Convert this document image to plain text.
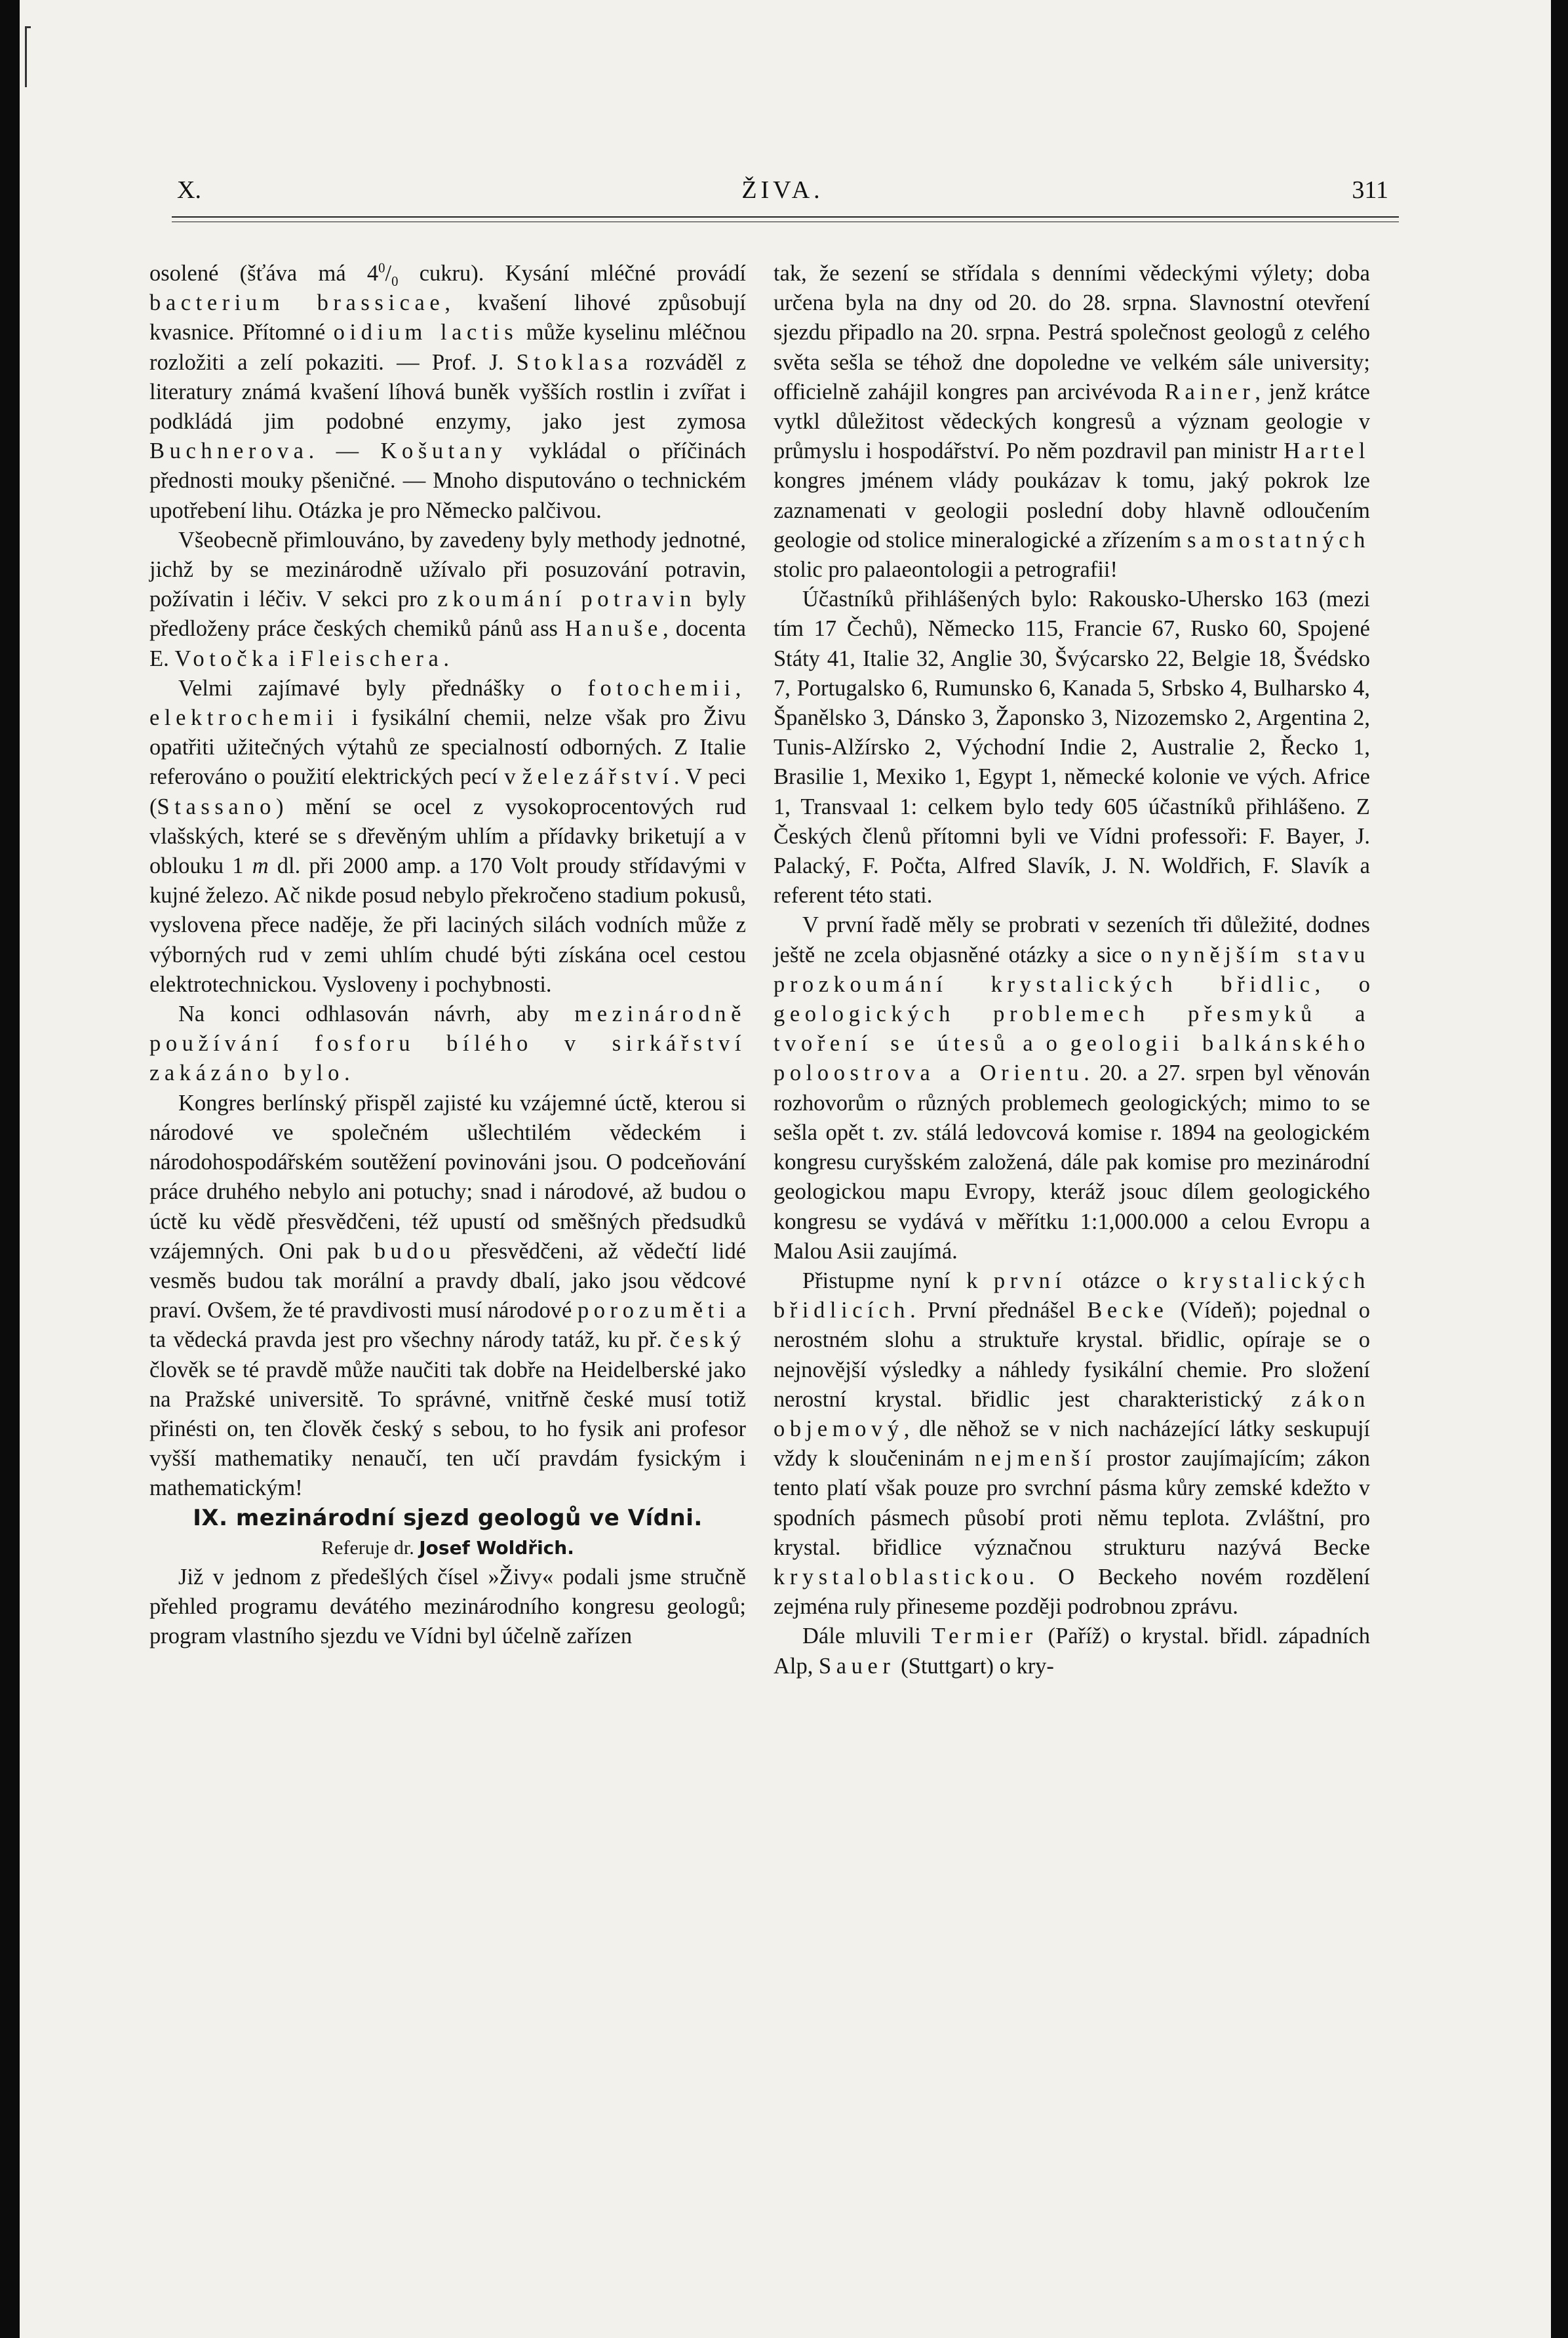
X.	ŽIVA.	311

osolené (šťáva má $4^0/_0$ cukru). Kysání mléčné provádí bacterium brassicae, kvašení lihové způsobují kvasnice. Přítomné oidium lactis může kyselinu mléčnou rozložiti a zelí pokaziti. — Prof. J. Stoklasa rozváděl z literatury známá kvašení líhová buněk vyšších rostlin i zvířat i podkládá jim podobné enzymy, jako jest zymosa Buchnerova. — Košutany vykládal o příčinách přednosti mouky pšeničné. — Mnoho disputováno o technickém upotřebení lihu. Otázka je pro Německo palčivou.

Všeobecně přimlouváno, by zavedeny byly methody jednotné, jichž by se mezinárodně užívalo při posuzování potravin, požívatin i léčiv. V sekci pro zkoumání potravin byly předloženy práce českých chemiků pánů ass Hanuše, docenta E. Votočka i Fleischera.

Velmi zajímavé byly přednášky o fotochemii, elektrochemii i fysikální chemii, nelze však pro Živu opatřiti užitečných výtahů ze specialností odborných. Z Italie referováno o použití elektrických pecí v železářství. V peci (Stassano) mění se ocel z vysokoprocentových rud vlašských, které se s dřevěným uhlím a přídavky briketují a v oblouku 1 m dl. při 2000 amp. a 170 Volt proudy střídavými v kujné železo. Ač nikde posud nebylo překročeno stadium pokusů, vyslovena přece naděje, že při laciných silách vodních může z výborných rud v zemi uhlím chudé býti získána ocel cestou elektrotechnickou. Vysloveny i pochybnosti.

Na konci odhlasován návrh, aby mezinárodně používání fosforu bílého v sirkářství zakázáno bylo.

Kongres berlínský přispěl zajisté ku vzájemné úctě, kterou si národové ve společném ušlechtilém vědeckém i národohospodářském soutěžení povinováni jsou. O podceňování práce druhého nebylo ani potuchy; snad i národové, až budou o úctě ku vědě přesvědčeni, též upustí od směšných předsudků vzájemných. Oni pak budou přesvědčeni, až vědečtí lidé vesměs budou tak morální a pravdy dbalí, jako jsou vědcové praví. Ovšem, že té pravdivosti musí národové porozuměti a ta vědecká pravda jest pro všechny národy tatáž, ku př. český člověk se té pravdě může naučiti tak dobře na Heidelberské jako na Pražské universitě. To správné, vnitřně české musí totiž přinésti on, ten člověk český s sebou, to ho fysik ani profesor vyšší mathematiky nenaučí, ten učí pravdám fysickým i mathematickým!

IX. mezinárodní sjezd geologů ve Vídni.

Referuje dr. Josef Woldřich.

Již v jednom z předešlých čísel »Živy« podali jsme stručně přehled programu devátého mezinárodního kongresu geologů; program vlastního sjezdu ve Vídni byl účelně zařízen

tak, že sezení se střídala s denními vědeckými výlety; doba určena byla na dny od 20. do 28. srpna. Slavnostní otevření sjezdu připadlo na 20. srpna. Pestrá společnost geologů z celého světa sešla se téhož dne dopoledne ve velkém sále university; officielně zahájil kongres pan arcivévoda Rainer, jenž krátce vytkl důležitost vědeckých kongresů a význam geologie v průmyslu i hospodářství. Po něm pozdravil pan ministr Hartel kongres jménem vlády poukázav k tomu, jaký pokrok lze zaznamenati v geologii poslední doby hlavně odloučením geologie od stolice mineralogické a zřízením samostatných stolic pro palaeontologii a petrografii!

Účastníků přihlášených bylo: Rakousko-Uhersko 163 (mezi tím 17 Čechů), Německo 115, Francie 67, Rusko 60, Spojené Státy 41, Italie 32, Anglie 30, Švýcarsko 22, Belgie 18, Švédsko 7, Portugalsko 6, Rumunsko 6, Kanada 5, Srbsko 4, Bulharsko 4, Španělsko 3, Dánsko 3, Žaponsko 3, Nizozemsko 2, Argentina 2, Tunis-Alžírsko 2, Východní Indie 2, Australie 2, Řecko 1, Brasilie 1, Mexiko 1, Egypt 1, německé kolonie ve vých. Africe 1, Transvaal 1: celkem bylo tedy 605 účastníků přihlášeno. Z Českých členů přítomni byli ve Vídni professoři: F. Bayer, J. Palacký, F. Počta, Alfred Slavík, J. N. Woldřich, F. Slavík a referent této stati.

V první řadě měly se probrati v sezeních tři důležité, dodnes ještě ne zcela objasněné otázky a sice o nynějším stavu prozkoumání krystalických břidlic, o geologických problemech přesmyků a tvoření se útesů a o geologii balkánského poloostrova a Orientu. 20. a 27. srpen byl věnován rozhovorům o různých problemech geologických; mimo to se sešla opět t. zv. stálá ledovcová komise r. 1894 na geologickém kongresu curyšském založená, dále pak komise pro mezinárodní geologickou mapu Evropy, kteráž jsouc dílem geologického kongresu se vydává v měřítku 1:1,000.000 a celou Evropu a Malou Asii zaujímá.

Přistupme nyní k první otázce o krystalických břidlicích. První přednášel Becke (Vídeň); pojednal o nerostném slohu a struktuře krystal. břidlic, opíraje se o nejnovější výsledky a náhledy fysikální chemie. Pro složení nerostní krystal. břidlic jest charakteristický zákon objemový, dle něhož se v nich nacházející látky seskupují vždy k sloučeninám nejmenší prostor zaujímajícím; zákon tento platí však pouze pro svrchní pásma kůry zemské kdežto v spodních pásmech působí proti němu teplota. Zvláštní, pro krystal. břidlice význačnou strukturu nazývá Becke krystaloblastickou. O Beckeho novém rozdělení zejména ruly přineseme později podrobnou zprávu.

Dále mluvili Termier (Paříž) o krystal. břidl. západních Alp, Sauer (Stuttgart) o kry-
